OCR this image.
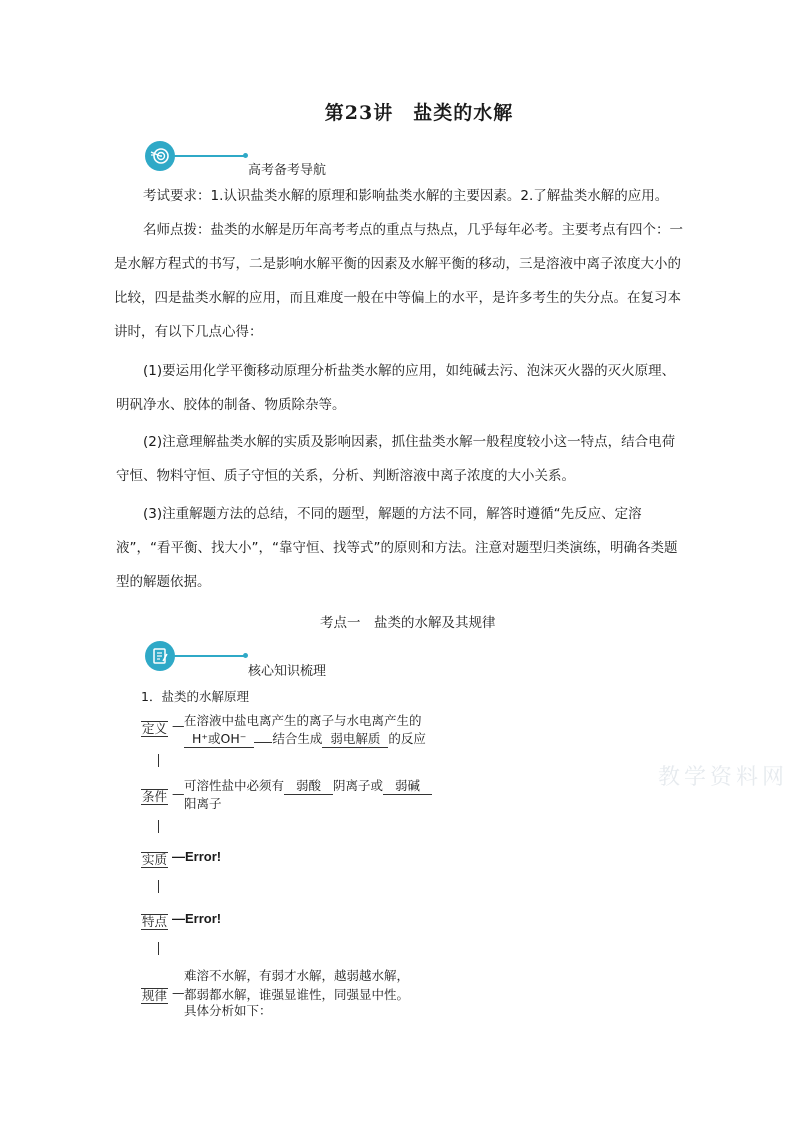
第23讲　盐类的水解
高考备考导航
考试要求：1.认识盐类水解的原理和影响盐类水解的主要因素。2.了解盐类水解的应用。
名师点拨：盐类的水解是历年高考考点的重点与热点，几乎每年必考。主要考点有四个：一是水解方程式的书写，二是影响水解平衡的因素及水解平衡的移动，三是溶液中离子浓度大小的比较，四是盐类水解的应用，而且难度一般在中等偏上的水平，是许多考生的失分点。在复习本讲时，有以下几点心得：
(1)要运用化学平衡移动原理分析盐类水解的应用，如纯碱去污、泡沫灭火器的灭火原理、明矾净水、胶体的制备、物质除杂等。
(2)注意理解盐类水解的实质及影响因素，抓住盐类水解一般程度较小这一特点，结合电荷守恒、物料守恒、质子守恒的关系，分析、判断溶液中离子浓度的大小关系。
(3)注重解题方法的总结，不同的题型，解题的方法不同，解答时遵循“先反应、定溶液”，“看平衡、找大小”，“靠守恒、找等式”的原则和方法。注意对题型归类演练，明确各类题型的解题依据。
考点一　盐类的水解及其规律
核心知识梳理
1．盐类的水解原理
定义 — 在溶液中盐电离产生的离子与水电离产生的
H⁺或OH⁻ 结合生成 弱电解质 的反应
可溶性盐中必须有 弱酸 阴离子或 弱碱
条件 —
阳离子
实质 —Error!
特点 —Error!
难溶不水解，有弱才水解，越弱越水解，
规律 — 都弱都水解，谁强显谁性，同强显中性。
具体分析如下：
教学资料网
